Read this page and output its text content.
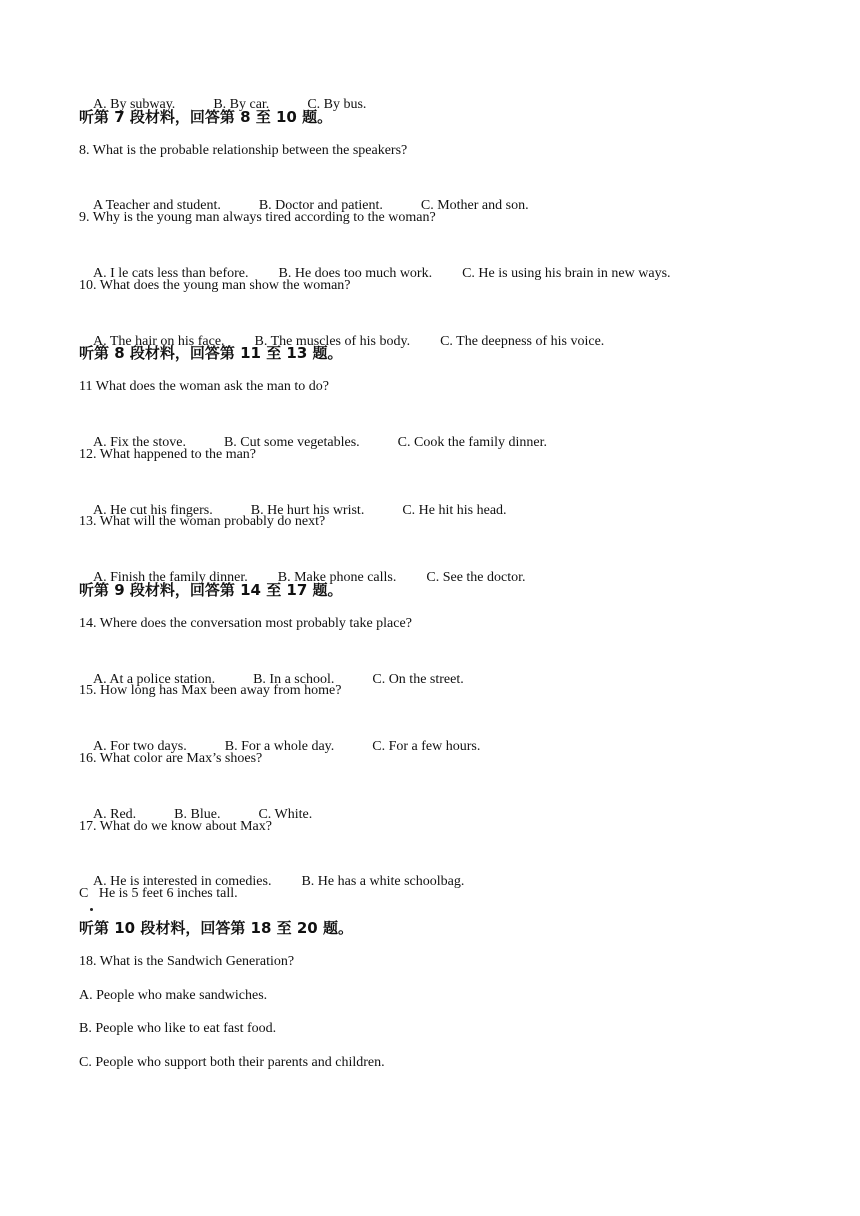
A. By subway.	B. By car.	C. By bus.

听第 7 段材料，回答第 8 至 10 题。
8. What is the probable relationship between the speakers?

A Teacher and student.	B. Doctor and patient.	C. Mother and son.

9. Why is the young man always tired according to the woman?

A. I le cats less than before. B. He does too much work. C. He is using his brain in new ways.

10. What does the young man show the woman?

A. The hair on his face. B. The muscles of his body. C. The deepness of his voice.

听第 8 段材料，回答第 11 至 13 题。
11 What does the woman ask the man to do?

A. Fix the stove.	B. Cut some vegetables.	C. Cook the family dinner.

12. What happened to the man?

A. He cut his fingers.	B. He hurt his wrist.	C. He hit his head.

13. What will the woman probably do next?

A. Finish the family dinner. B. Make phone calls. C. See the doctor.

听第 9 段材料，回答第 14 至 17 题。
14. Where does the conversation most probably take place?

A. At a police station.	B. In a school.	C. On the street.

15. How long has Max been away from home?

A. For two days.	B. For a whole day.	C. For a few hours.

16. What color are Max’s shoes?

A. Red.	B. Blue.	C. White.

17. What do we know about Max?

A. He is interested in comedies. B. He has a white schoolbag.

C   He is 5 feet 6 inches tall.
听第 10 段材料，回答第 18 至 20 题。
18. What is the Sandwich Generation?
A. People who make sandwiches.
B. People who like to eat fast food.
C. People who support both their parents and children.
